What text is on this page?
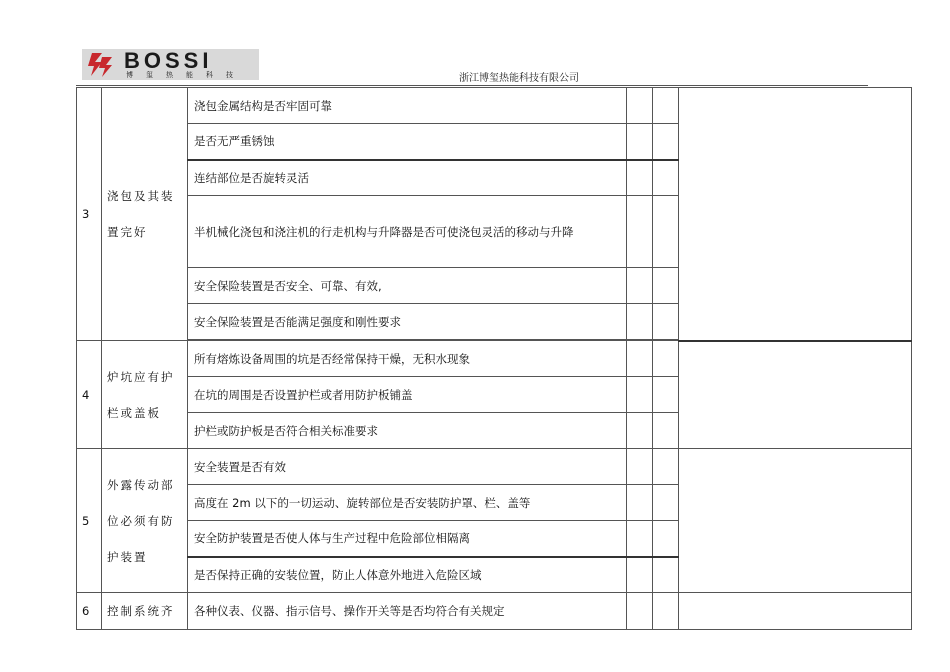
BOSSI
博玺热能科技	浙江博玺热能科技有限公司
3	浇包及其装置完好	浇包金属结构是否牢固可靠			
		是否无严重锈蚀			
		连结部位是否旋转灵活			
		半机械化浇包和浇注机的行走机构与升降器是否可使浇包灵活的移动与升降			
		安全保险装置是否安全、可靠、有效,			
		安全保险装置是否能满足强度和刚性要求			

4	炉坑应有护栏或盖板	所有熔炼设备周围的坑是否经常保持干燥，无积水现象			
		在坑的周围是否设置护栏或者用防护板铺盖			
		护栏或防护板是否符合相关标准要求			
5	外露传动部位必须有防护装置	安全装置是否有效			
		高度在 2m 以下的一切运动、旋转部位是否安装防护罩、栏、盖等			
		安全防护装置是否使人体与生产过程中危险部位相隔离			
		是否保持正确的安装位置，防止人体意外地进入危险区域			
6	控制系统齐	各种仪表、仪器、指示信号、操作开关等是否均符合有关规定			
